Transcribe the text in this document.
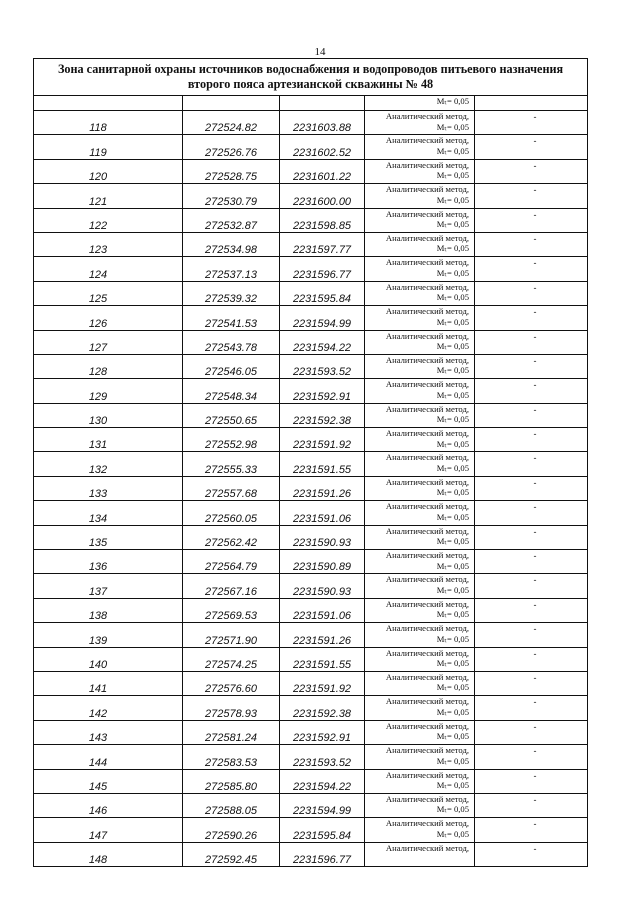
14
Зона санитарной охраны источников водоснабжения и водопроводов питьевого назначения
второго пояса артезианской скважины № 48				

			Mₜ= 0,05	

118	272524.82	2231603.88	Аналитический метод,
Mₜ= 0,05	-
119	272526.76	2231602.52	Аналитический метод,
Mₜ= 0,05	-
120	272528.75	2231601.22	Аналитический метод,
Mₜ= 0,05	-
121	272530.79	2231600.00	Аналитический метод,
Mₜ= 0,05	-
122	272532.87	2231598.85	Аналитический метод,
Mₜ= 0,05	-
123	272534.98	2231597.77	Аналитический метод,
Mₜ= 0,05	-
124	272537.13	2231596.77	Аналитический метод,
Mₜ= 0,05	-
125	272539.32	2231595.84	Аналитический метод,
Mₜ= 0,05	-
126	272541.53	2231594.99	Аналитический метод,
Mₜ= 0,05	-
127	272543.78	2231594.22	Аналитический метод,
Mₜ= 0,05	-
128	272546.05	2231593.52	Аналитический метод,
Mₜ= 0,05	-
129	272548.34	2231592.91	Аналитический метод,
Mₜ= 0,05	-
130	272550.65	2231592.38	Аналитический метод,
Mₜ= 0,05	-
131	272552.98	2231591.92	Аналитический метод,
Mₜ= 0,05	-
132	272555.33	2231591.55	Аналитический метод,
Mₜ= 0,05	-
133	272557.68	2231591.26	Аналитический метод,
Mₜ= 0,05	-
134	272560.05	2231591.06	Аналитический метод,
Mₜ= 0,05	-
135	272562.42	2231590.93	Аналитический метод,
Mₜ= 0,05	-
136	272564.79	2231590.89	Аналитический метод,
Mₜ= 0,05	-
137	272567.16	2231590.93	Аналитический метод,
Mₜ= 0,05	-
138	272569.53	2231591.06	Аналитический метод,
Mₜ= 0,05	-
139	272571.90	2231591.26	Аналитический метод,
Mₜ= 0,05	-
140	272574.25	2231591.55	Аналитический метод,
Mₜ= 0,05	-
141	272576.60	2231591.92	Аналитический метод,
Mₜ= 0,05	-
142	272578.93	2231592.38	Аналитический метод,
Mₜ= 0,05	-
143	272581.24	2231592.91	Аналитический метод,
Mₜ= 0,05	-
144	272583.53	2231593.52	Аналитический метод,
Mₜ= 0,05	-
145	272585.80	2231594.22	Аналитический метод,
Mₜ= 0,05	-
146	272588.05	2231594.99	Аналитический метод,
Mₜ= 0,05	-
147	272590.26	2231595.84	Аналитический метод,
Mₜ= 0,05	-
148	272592.45	2231596.77	Аналитический метод,	-
